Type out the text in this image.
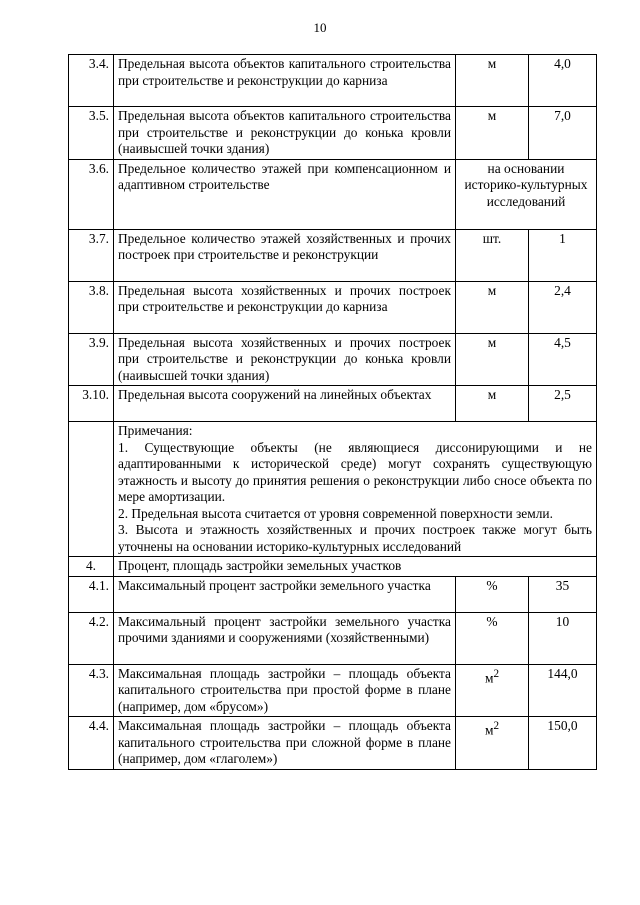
10
3.4.	Предельная высота объектов капитального строительства при строительстве и реконструкции до карниза	м	4,0
3.5.	Предельная высота объектов капитального строительства при строительстве и реконструкции до конька кровли (наивысшей точки здания)	м	7,0
3.6.	Предельное количество этажей при компенсационном и адаптивном строительстве	на основании историко-культурных исследований	
3.7.	Предельное количество этажей хозяйственных и прочих построек при строительстве и реконструкции	шт.	1
3.8.	Предельная высота хозяйственных и прочих построек при строительстве и реконструкции до карниза	м	2,4
3.9.	Предельная высота хозяйственных и прочих построек при строительстве и реконструкции до конька кровли (наивысшей точки здания)	м	4,5
3.10.	Предельная высота сооружений на линейных объектах	м	2,5

	Примечания:
1. Существующие объекты (не являющиеся диссонирующими и не адаптированными к исторической среде) могут сохранять существующую этажность и высоту до принятия решения о реконструкции либо сносе объекта по мере амортизации.
2. Предельная высота считается от уровня современной поверхности земли.
3. Высота и этажность хозяйственных и прочих построек также могут быть уточнены на основании историко-культурных исследований		

4.	Процент, площадь застройки земельных участков		
4.1.	Максимальный процент застройки земельного участка	%	35
4.2.	Максимальный процент застройки земельного участка прочими зданиями и сооружениями (хозяйственными)	%	10
4.3.	Максимальная площадь застройки – площадь объекта капитального строительства при простой форме в плане (например, дом «брусом»)	$м^2$	144,0
4.4.	Максимальная площадь застройки – площадь объекта капитального строительства при сложной форме в плане (например, дом «глаголем»)	$м^2$	150,0
